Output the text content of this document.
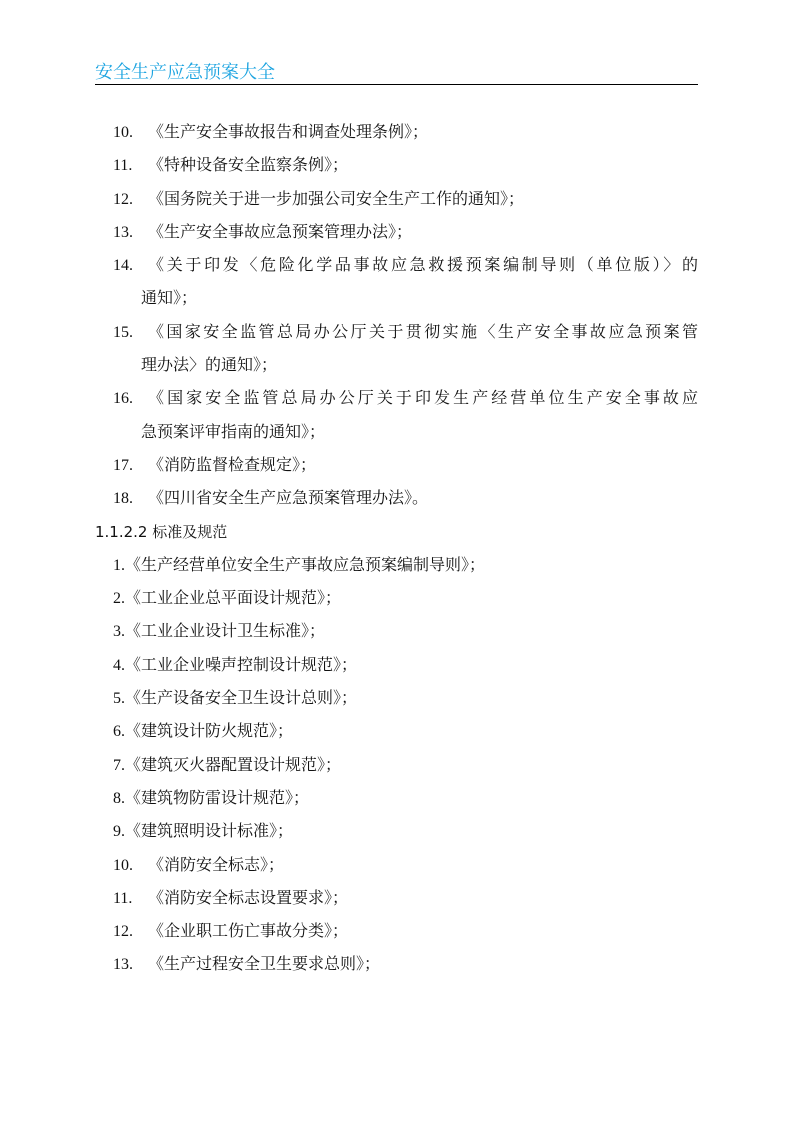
安全生产应急预案大全
10. 《生产安全事故报告和调查处理条例》；
11. 《特种设备安全监察条例》；
12. 《国务院关于进一步加强公司安全生产工作的通知》；
13. 《生产安全事故应急预案管理办法》；
14. 《关于印发〈危险化学品事故应急救援预案编制导则（单位版）〉的
通知》；
15. 《国家安全监管总局办公厅关于贯彻实施〈生产安全事故应急预案管
理办法〉的通知》；
16. 《国家安全监管总局办公厅关于印发生产经营单位生产安全事故应
急预案评审指南的通知》；
17. 《消防监督检查规定》；
18. 《四川省安全生产应急预案管理办法》。
1.1.2.2 标准及规范
1. 《生产经营单位安全生产事故应急预案编制导则》；
2. 《工业企业总平面设计规范》；
3. 《工业企业设计卫生标准》；
4. 《工业企业噪声控制设计规范》；
5. 《生产设备安全卫生设计总则》；
6. 《建筑设计防火规范》；
7. 《建筑灭火器配置设计规范》；
8. 《建筑物防雷设计规范》；
9. 《建筑照明设计标准》；
10. 《消防安全标志》；
11. 《消防安全标志设置要求》；
12. 《企业职工伤亡事故分类》；
13. 《生产过程安全卫生要求总则》；
